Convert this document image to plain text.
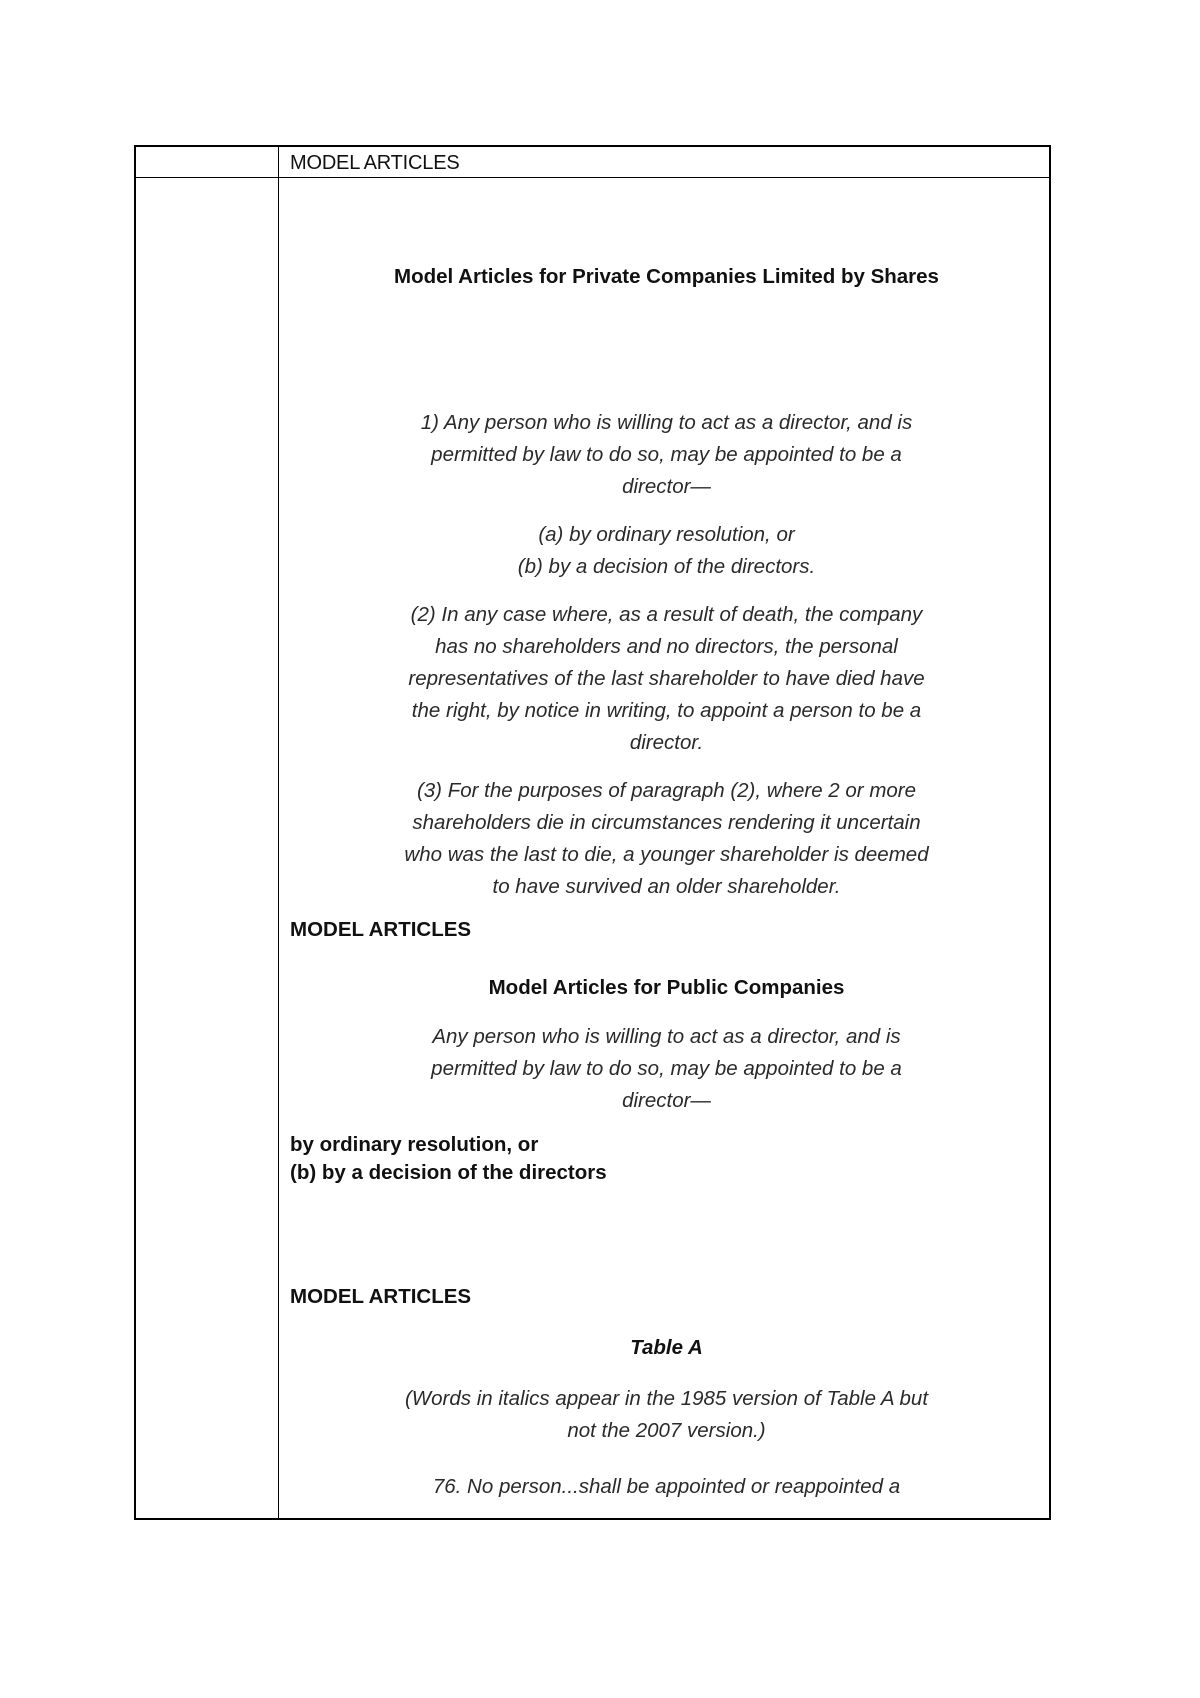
MODEL ARTICLES
Model Articles for Private Companies Limited by Shares
1) Any person who is willing to act as a director, and is
permitted by law to do so, may be appointed to be a
director—
(a) by ordinary resolution, or
(b) by a decision of the directors.
(2) In any case where, as a result of death, the company
has no shareholders and no directors, the personal
representatives of the last shareholder to have died have
the right, by notice in writing, to appoint a person to be a
director.
(3) For the purposes of paragraph (2), where 2 or more
shareholders die in circumstances rendering it uncertain
who was the last to die, a younger shareholder is deemed
to have survived an older shareholder.
MODEL ARTICLES
Model Articles for Public Companies
Any person who is willing to act as a director, and is
permitted by law to do so, may be appointed to be a
director—
by ordinary resolution, or
(b) by a decision of the directors
MODEL ARTICLES
Table A
(Words in italics appear in the 1985 version of Table A but
not the 2007 version.)
76. No person...shall be appointed or reappointed a
